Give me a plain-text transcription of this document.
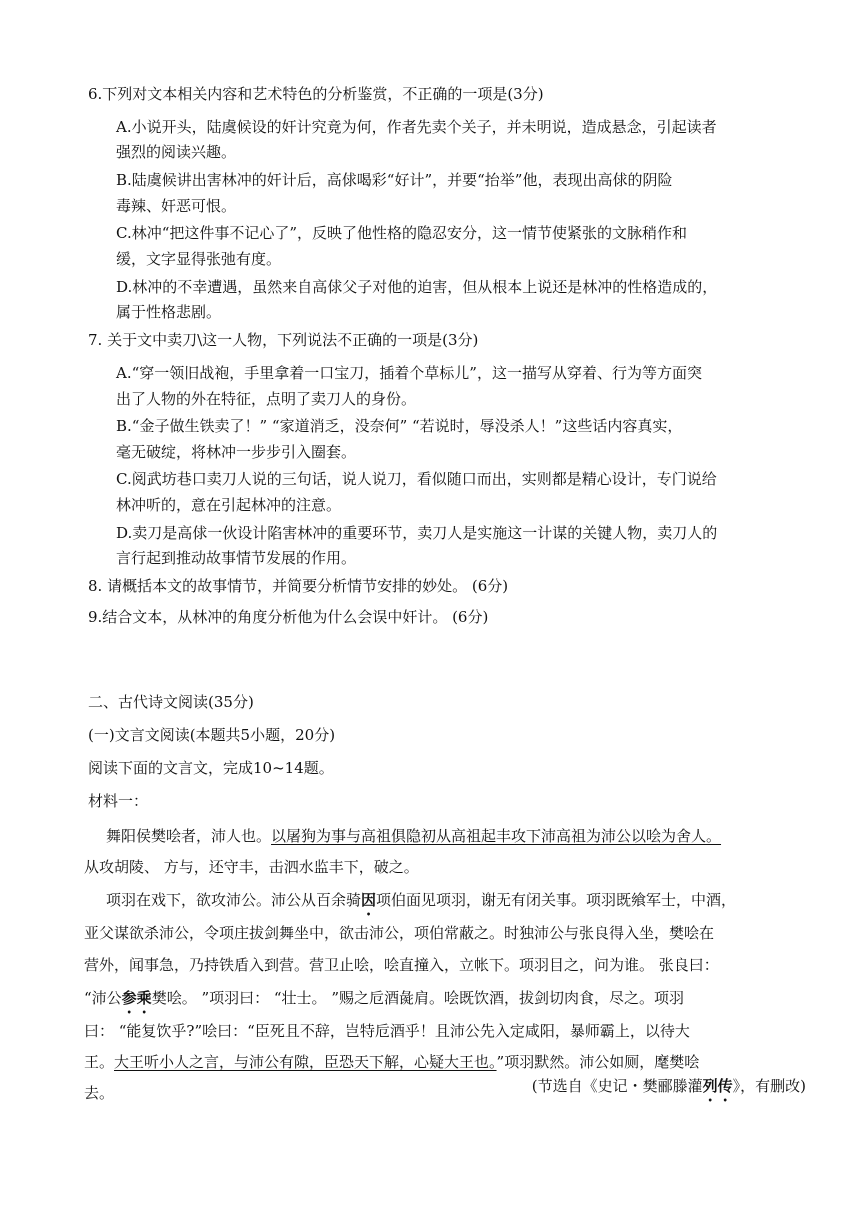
6.下列对文本相关内容和艺术特色的分析鉴赏，不正确的一项是(3分)
A.小说开头，陆虞候设的奸计究竟为何，作者先卖个关子，并未明说，造成悬念，引起读者
强烈的阅读兴趣。
B.陆虞候讲出害林冲的奸计后，高俅喝彩“好计”，并要“抬举”他，表现出高俅的阴险
毒辣、奸恶可恨。
C.林冲“把这件事不记心了”，反映了他性格的隐忍安分，这一情节使紧张的文脉稍作和
缓，文字显得张弛有度。
D.林冲的不幸遭遇，虽然来自高俅父子对他的迫害，但从根本上说还是林冲的性格造成的，
属于性格悲剧。
7. 关于文中卖刀\这一人物，下列说法不正确的一项是(3分)
A.“穿一领旧战袍，手里拿着一口宝刀，插着个草标儿”，这一描写从穿着、行为等方面突
出了人物的外在特征，点明了卖刀人的身份。
B.“金子做生铁卖了！” “家道消乏，没奈何” “若说时，辱没杀人！”这些话内容真实，
毫无破绽，将林冲一步步引入圈套。
C.阅武坊巷口卖刀人说的三句话，说人说刀，看似随口而出，实则都是精心设计，专门说给
林冲听的，意在引起林冲的注意。
D.卖刀是高俅一伙设计陷害林冲的重要环节，卖刀人是实施这一计谋的关键人物，卖刀人的
言行起到推动故事情节发展的作用。
8. 请概括本文的故事情节，并简要分析情节安排的妙处。 (6分)
9.结合文本，从林冲的角度分析他为什么会误中奸计。 (6分)
二、古代诗文阅读(35分)
(一)文言文阅读(本题共5小题，20分)
阅读下面的文言文，完成10~14题。
材料一：
舞阳侯樊哙者，沛人也。以屠狗为事与高祖俱隐初从高祖起丰攻下沛高祖为沛公以哙为舍人。
从攻胡陵、 方与，还守丰，击泗水监丰下，破之。
项羽在戏下，欲攻沛公。沛公从百余骑因项伯面见项羽，谢无有闭关事。项羽既飨军士，中酒，
亚父谋欲杀沛公，令项庄拔剑舞坐中，欲击沛公，项伯常蔽之。时独沛公与张良得入坐，樊哙在
营外，闻事急，乃持铁盾入到营。营卫止哙，哙直撞入，立帐下。项羽目之，问为谁。 张良曰：
“沛公参乘樊哙。 ”项羽曰： “壮士。 ”赐之卮酒彘肩。哙既饮酒，拔剑切肉食，尽之。项羽
曰： “能复饮乎?”哙曰：“臣死且不辞，岂特卮酒乎！且沛公先入定咸阳，暴师霸上，以待大
王。大王听小人之言，与沛公有隙，臣恐天下解，心疑大王也。”项羽默然。沛公如厕，麾樊哙
去。	(节选自《史记・樊郦滕灌列传》，有删改)
